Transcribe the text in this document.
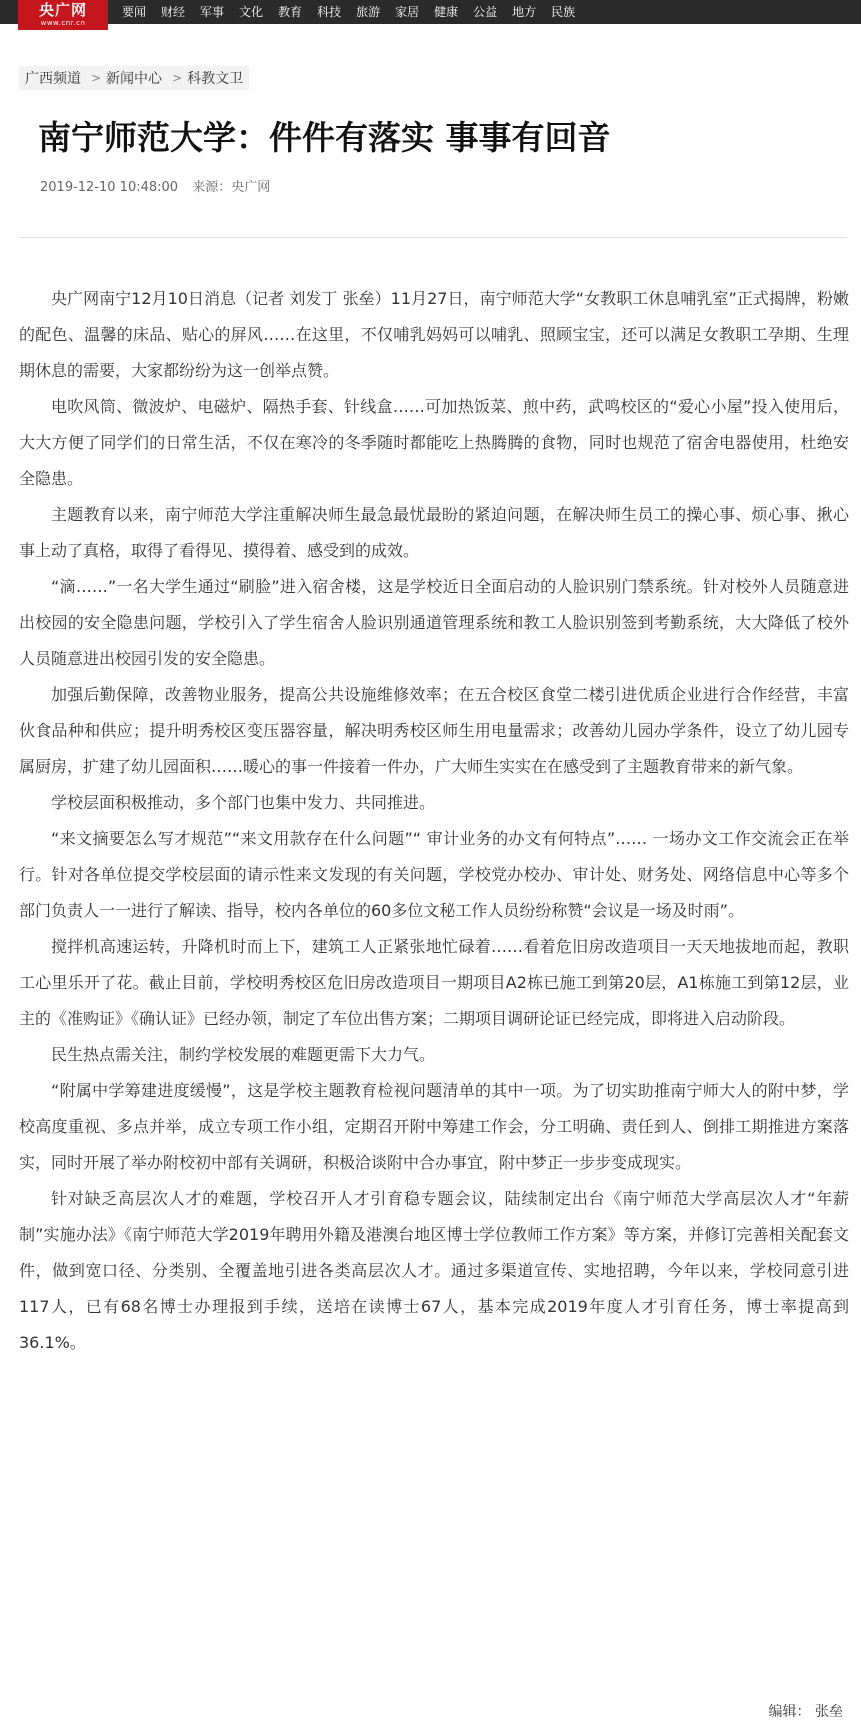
央广网
www.cnr.cn
要闻 财经 军事 文化 教育 科技 旅游 家居 健康 公益 地方 民族
广西频道 > 新闻中心 > 科教文卫
南宁师范大学：件件有落实 事事有回音
2019-12-10 10:48:00 来源：央广网

央广网南宁12月10日消息（记者 刘发丁 张垒）11月27日，南宁师范大学“女教职工休息哺乳室”正式揭牌，粉嫩的配色、温馨的床品、贴心的屏风……在这里，不仅哺乳妈妈可以哺乳、照顾宝宝，还可以满足女教职工孕期、生理期休息的需要，大家都纷纷为这一创举点赞。

电吹风筒、微波炉、电磁炉、隔热手套、针线盒……可加热饭菜、煎中药，武鸣校区的“爱心小屋”投入使用后，大大方便了同学们的日常生活，不仅在寒冷的冬季随时都能吃上热腾腾的食物，同时也规范了宿舍电器使用，杜绝安全隐患。

主题教育以来，南宁师范大学注重解决师生最急最忧最盼的紧迫问题，在解决师生员工的操心事、烦心事、揪心事上动了真格，取得了看得见、摸得着、感受到的成效。

“滴……”一名大学生通过“刷脸”进入宿舍楼，这是学校近日全面启动的人脸识别门禁系统。针对校外人员随意进出校园的安全隐患问题，学校引入了学生宿舍人脸识别通道管理系统和教工人脸识别签到考勤系统，大大降低了校外人员随意进出校园引发的安全隐患。

加强后勤保障，改善物业服务，提高公共设施维修效率；在五合校区食堂二楼引进优质企业进行合作经营，丰富伙食品种和供应；提升明秀校区变压器容量，解决明秀校区师生用电量需求；改善幼儿园办学条件，设立了幼儿园专属厨房，扩建了幼儿园面积……暖心的事一件接着一件办，广大师生实实在在感受到了主题教育带来的新气象。

学校层面积极推动，多个部门也集中发力、共同推进。

“来文摘要怎么写才规范”“来文用款存在什么问题”“ 审计业务的办文有何特点”…… 一场办文工作交流会正在举行。针对各单位提交学校层面的请示性来文发现的有关问题，学校党办校办、审计处、财务处、网络信息中心等多个部门负责人一一进行了解读、指导，校内各单位的60多位文秘工作人员纷纷称赞“会议是一场及时雨”。

搅拌机高速运转，升降机时而上下，建筑工人正紧张地忙碌着……看着危旧房改造项目一天天地拔地而起，教职工心里乐开了花。截止目前，学校明秀校区危旧房改造项目一期项目A2栋已施工到第20层，A1栋施工到第12层，业主的《准购证》《确认证》已经办领，制定了车位出售方案；二期项目调研论证已经完成，即将进入启动阶段。

民生热点需关注，制约学校发展的难题更需下大力气。

“附属中学筹建进度缓慢”，这是学校主题教育检视问题清单的其中一项。为了切实助推南宁师大人的附中梦，学校高度重视、多点并举，成立专项工作小组，定期召开附中筹建工作会，分工明确、责任到人、倒排工期推进方案落实，同时开展了举办附校初中部有关调研，积极洽谈附中合办事宜，附中梦正一步步变成现实。

针对缺乏高层次人才的难题，学校召开人才引育稳专题会议，陆续制定出台《南宁师范大学高层次人才“年薪制”实施办法》《南宁师范大学2019年聘用外籍及港澳台地区博士学位教师工作方案》等方案，并修订完善相关配套文件，做到宽口径、分类别、全覆盖地引进各类高层次人才。通过多渠道宣传、实地招聘，今年以来，学校同意引进117人，已有68名博士办理报到手续，送培在读博士67人，基本完成2019年度人才引育任务，博士率提高到36.1%。

编辑： 张垒
